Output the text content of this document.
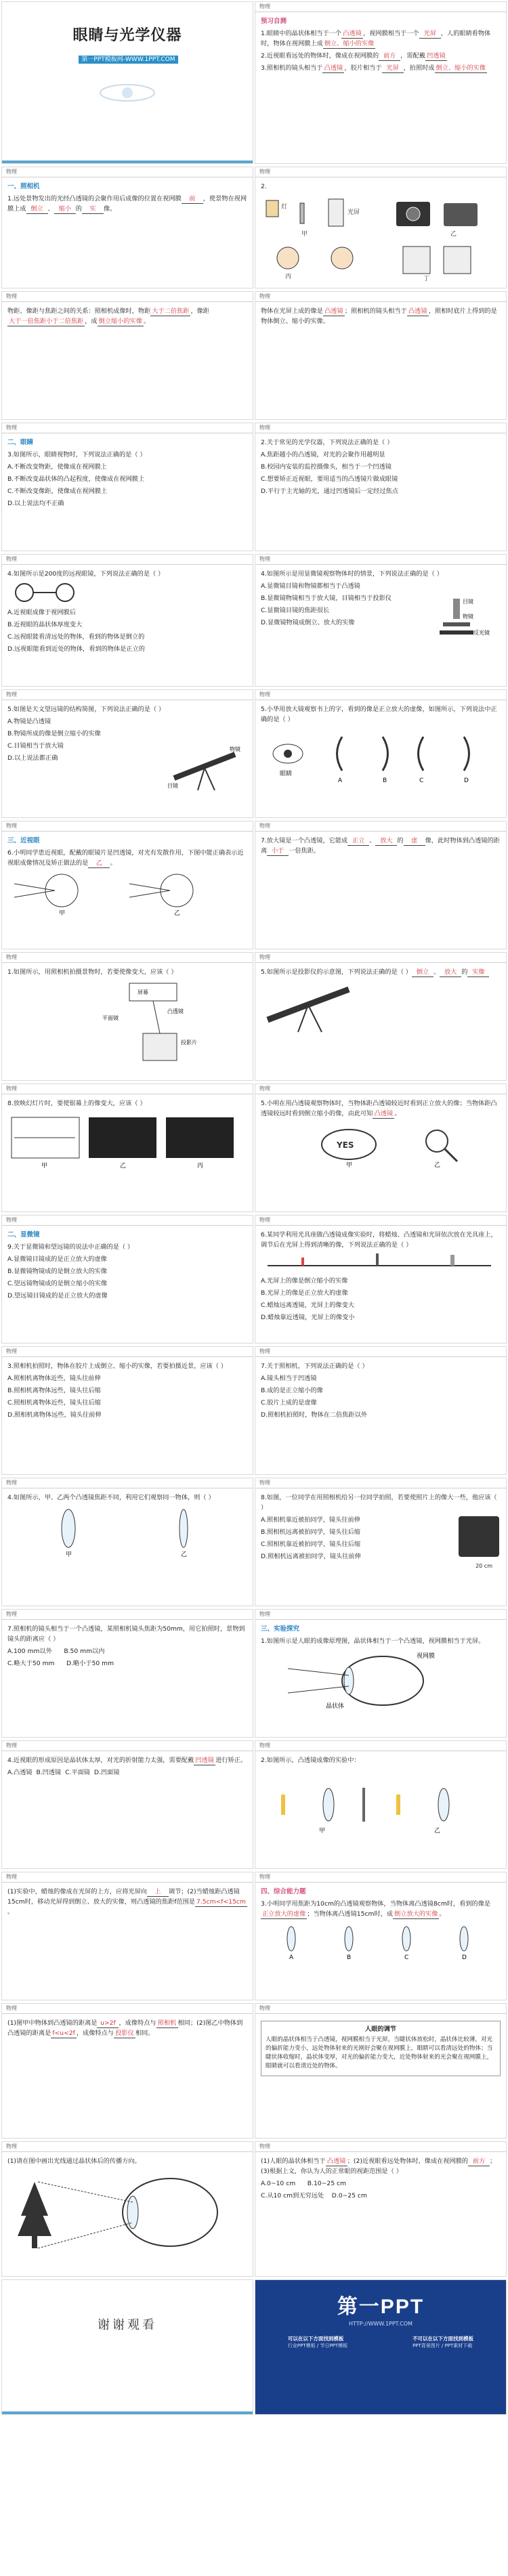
眼睛与光学仪器
第一PPT模板网-WWW.1PPT.COM
物理
预习自测

1.眼睛中的晶状体相当于一个 凸透镜 ，视网膜相当于一个 光屏 ，人的眼睛看物体时，物体在视网膜上成 倒立、缩小的实像

2.近视眼看远处的物体时，像成在视网膜的 前方 ，需配戴 凹透镜

3.照相机的镜头相当于 凸透镜 ，胶片相当于 光屏 ，拍照时成 倒立、缩小的实像

物理
一、照相机

1.远处景物发出的光经凸透镜的会聚作用后成像的位置在视网膜 前 ，使景物在视网膜上成 倒立 、 缩小 的 实 像。

物理

2.

灯
光屏
甲	乙
丙	丁
物理

物距、像距与焦距之间的关系：照相机成像时，物距 大于二倍焦距 ，像距大于一倍焦距小于二倍焦距 ，成 倒立缩小的实像 。

物理

物体在光屏上成的像是 凸透镜 ；照相机的镜头相当于 凸透镜 ，照相时底片上得到的是物体倒立、缩小的实像。

物理
二、眼睛

3.如图所示，眼睛视物时，下列说法正确的是（ ）

A.不断改变物距，使像成在视网膜上

B.不断改变晶状体的凸起程度，使像成在视网膜上

C.不断改变像距，使像成在视网膜上

D.以上说法均不正确

物理

2.关于常见的光学仪器，下列说法正确的是（ ）

A.焦距越小的凸透镜，对光的会聚作用越明显

B.校园内安装的监控摄像头，相当于一个凹透镜

C.想要矫正近视眼，要用适当的凸透镜片做成眼镜

D.平行于主光轴的光，通过凹透镜后一定经过焦点

物理

4.如图所示是200度的远视眼镜，下列说法正确的是（ ）

A.近视眼成像于视网膜后

B.近视眼的晶状体厚度变大

C.远视眼能看清远处的物体，看到的物体是倒立的

D.远视眼能看到近处的物体，看到的物体是正立的

物理

4.如图所示是用显微镜观察物体时的情景，下列说法正确的是（ ）

A.显微镜目镜和物镜都相当于凸透镜

B.显微镜物镜相当于放大镜，目镜相当于投影仪

C.显微镜目镜的焦距很长

D.显微镜物镜成倒立、放大的实像

目镜
物镜
反光镜
物理

5.如图是天文望远镜的结构简图，下列说法正确的是（ ）

A.物镜是凸透镜

B.物镜所成的像是倒立缩小的实像

C.目镜相当于放大镜

D.以上说法都正确

目镜
物镜
物理

5.小华用放大镜观察书上的字，看到的像是正立放大的虚像，如图所示，下列说法中正确的是（ ）

眼睛
A	B	C	D
物理
三、近视眼

6.小明同学患近视眼，配戴的眼镜片是凹透镜，对光有发散作用，下图中能正确表示近视眼成像情况及矫正做法的是 乙 。

甲	乙
物理

7.放大镜是一个凸透镜，它能成 正立 、 放大 的 虚 像，此时物体到凸透镜的距离 小于 一倍焦距。

物理

1.如图所示，用照相机拍摄景物时，若要使像变大，应该（ ）

屏幕
凸透镜
投影片
平面镜
物理

5.如图所示是投影仪的示意图，下列说法正确的是（ ） 倒立 、 放大 的 实像

物理

8.放映幻灯片时，要使银幕上的像变大，应该（ ）

甲	乙	丙
物理

5.小明在用凸透镜观察物体时，当物体距凸透镜较近时看到正立放大的像；当物体距凸透镜较远时看到倒立缩小的像，由此可知 凸透镜 。

YES
甲	乙
物理
二、显微镜

9.关于显微镜和望远镜的说法中正确的是（ ）

A.显微镜目镜成的是正立放大的虚像

B.显微镜物镜成的是倒立放大的实像

C.望远镜物镜成的是倒立缩小的实像

D.望远镜目镜成的是正立放大的虚像

物理

6.某同学利用光具座做凸透镜成像实验时，将蜡烛、凸透镜和光屏依次放在光具座上，调节后在光屏上得到清晰的像，下列说法正确的是（ ）

A.光屏上的像是倒立缩小的实像

B.光屏上的像是正立放大的虚像

C.蜡烛远离透镜，光屏上的像变大

D.蜡烛靠近透镜，光屏上的像变小

物理

3.照相机拍照时，物体在胶片上成倒立、缩小的实像，若要拍摄近景，应该（ ）

A.照相机离物体近些，镜头往前伸

B.照相机离物体远些，镜头往后缩

C.照相机离物体近些，镜头往后缩

D.照相机离物体远些，镜头往前伸

物理

7.关于照相机，下列说法正确的是（ ）

A.镜头相当于凹透镜

B.成的是正立缩小的像

C.胶片上成的是虚像

D.照相机拍照时，物体在二倍焦距以外

物理

4.如图所示，甲、乙两个凸透镜焦距不同，利用它们观察同一物体，则（ ）

甲	乙
物理

8.如图，一位同学在用照相机给另一位同学拍照，若要使照片上的像大一些，他应该（ ）

A.照相机靠近被拍同学，镜头往前伸

B.照相机远离被拍同学，镜头往后缩

C.照相机靠近被拍同学，镜头往后缩

D.照相机远离被拍同学，镜头往前伸

20 cm

物理

7.照相机的镜头相当于一个凸透镜，某照相机镜头焦距为50mm，用它拍照时，景物到镜头的距离应（ ）

A.100 mm以外 B.50 mm以内

C.略大于50 mm D.略小于50 mm

物理
三、实验探究

1.如图所示是人眼的成像原理图，晶状体相当于一个凸透镜，视网膜相当于光屏。

视网膜
晶状体
物理

4.近视眼的形成原因是晶状体太厚，对光的折射能力太强，需要配戴 凹透镜 进行矫正。

A.凸透镜 B.凹透镜 C.平面镜 D.凹面镜

物理

2.如图所示，凸透镜成像的实验中：

甲	乙
物理

(1)实验中，蜡烛的像成在光屏的上方，应将光屏向 上 调节；(2)当蜡烛距凸透镜15cm时，移动光屏得到倒立、放大的实像，则凸透镜的焦距f范围是 7.5cm<f<15cm。

物理
四、综合能力题

3.小明同学用焦距为10cm的凸透镜观察物体，当物体离凸透镜8cm时，看到的像是正立放大的虚像 ；当物体离凸透镜15cm时，成 倒立放大的实像 。

A	B	C	D
物理

(1)图甲中物体到凸透镜的距离是 u>2f ，成像特点与 照相机 相同；(2)图乙中物体到凸透镜的距离是 f<u<2f ，成像特点与 投影仪 相同。

物理
人眼的调节

人眼的晶状体相当于凸透镜，视网膜相当于光屏。当睫状体放松时，晶状体比较薄，对光的偏折能力变小，远处物体射来的光刚好会聚在视网膜上，眼睛可以看清远处的物体；当睫状体收缩时，晶状体变厚，对光的偏折能力变大，近处物体射来的光会聚在视网膜上，眼睛就可以看清近处的物体。

物理

(1)请在图中画出光线通过晶状体后的传播方向。

物理

(1)人眼的晶状体相当于 凸透镜 ；(2)近视眼看远处物体时，像成在视网膜的 前方 ；(3)根据上文，你认为人的正常眼的视距范围是（ ）

A.0~10 cm B.10~25 cm

C.从10 cm到无穷远处 D.0~25 cm

谢谢观看
第一PPT
HTTP://WWW.1PPT.COM
可以在以下方面找到模板
行业PPT模板 / 节日PPT模板
不可以在以下方面找到模板
PPT背景图片 / PPT素材下载
